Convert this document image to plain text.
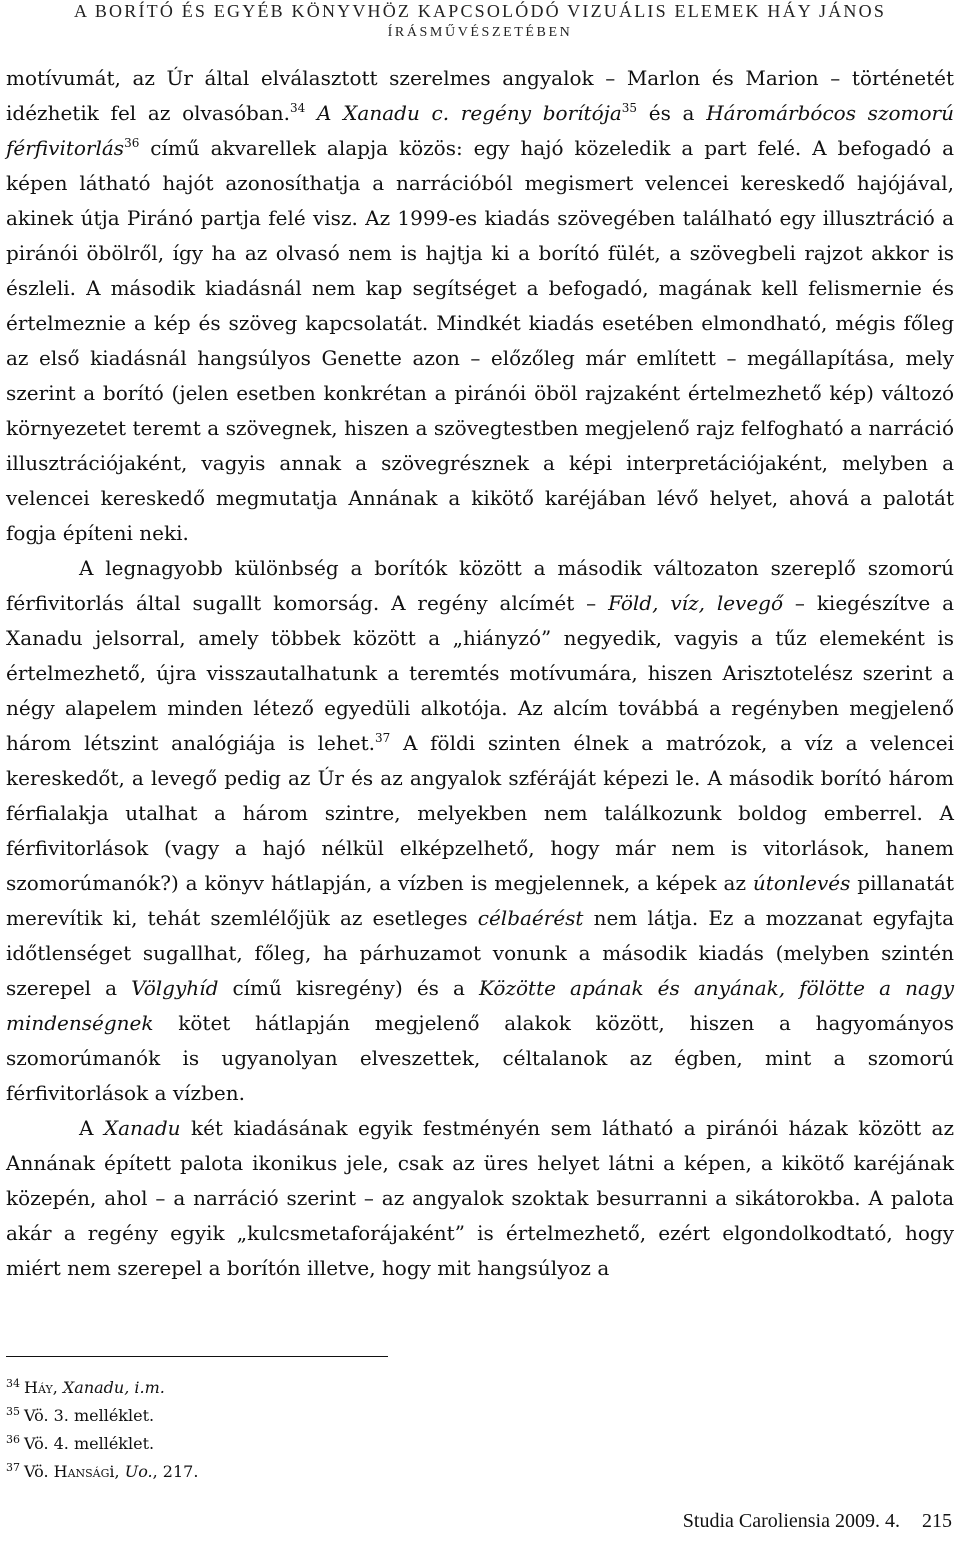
A BORÍTÓ ÉS EGYÉB KÖNYVHÖZ KAPCSOLÓDÓ VIZUÁLIS ELEMEK HÁY JÁNOS
ÍRÁSMŰVÉSZETÉBEN

motívumát, az Úr által elválasztott szerelmes angyalok – Marlon és Marion – történetét idézhetik fel az olvasóban.$^{34}$ A Xanadu c. regény borítója$^{35}$ és a Háromárbócos szomorú férfivitorlás$^{36}$ című akvarellek alapja közös: egy hajó közeledik a part felé. A befogadó a képen látható hajót azonosíthatja a narrációból megismert velencei kereskedő hajójával, akinek útja Piránó partja felé visz. Az 1999-es kiadás szövegében található egy illusztráció a piránói öbölről, így ha az olvasó nem is hajtja ki a borító fülét, a szövegbeli rajzot akkor is észleli. A második kiadásnál nem kap segítséget a befogadó, magának kell felismernie és értelmeznie a kép és szöveg kapcsolatát. Mindkét kiadás esetében elmondható, mégis főleg az első kiadásnál hangsúlyos Genette azon – előzőleg már említett – megállapítása, mely szerint a borító (jelen esetben konkrétan a piránói öböl rajzaként értelmezhető kép) változó környezetet teremt a szövegnek, hiszen a szövegtestben megjelenő rajz felfogható a narráció illusztrációjaként, vagyis annak a szövegrésznek a képi interpretációjaként, melyben a velencei kereskedő megmutatja Annának a kikötő karéjában lévő helyet, ahová a palotát fogja építeni neki.

A legnagyobb különbség a borítók között a második változaton szereplő szomorú férfivitorlás által sugallt komorság. A regény alcímét – Föld, víz, levegő – kiegészítve a Xanadu jelsorral, amely többek között a „hiányzó” negyedik, vagyis a tűz elemeként is értelmezhető, újra visszautalhatunk a teremtés motívumára, hiszen Arisztotelész szerint a négy alapelem minden létező egyedüli alkotója. Az alcím továbbá a regényben megjelenő három létszint analógiája is lehet.$^{37}$ A földi szinten élnek a matrózok, a víz a velencei kereskedőt, a levegő pedig az Úr és az angyalok szféráját képezi le. A második borító három férfialakja utalhat a három szintre, melyekben nem találkozunk boldog emberrel. A férfivitorlások (vagy a hajó nélkül elképzelhető, hogy már nem is vitorlások, hanem szomorúmanók?) a könyv hátlapján, a vízben is megjelennek, a képek az útonlevés pillanatát merevítik ki, tehát szemlélőjük az esetleges célbaérést nem látja. Ez a mozzanat egyfajta időtlenséget sugallhat, főleg, ha párhuzamot vonunk a második kiadás (melyben szintén szerepel a Völgyhíd című kisregény) és a Közötte apának és anyának, fölötte a nagy mindenségnek kötet hátlapján megjelenő alakok között, hiszen a hagyományos szomorúmanók is ugyanolyan elveszettek, céltalanok az égben, mint a szomorú férfivitorlások a vízben.

A Xanadu két kiadásának egyik festményén sem látható a piránói házak között az Annának épített palota ikonikus jele, csak az üres helyet látni a képen, a kikötő karéjának közepén, ahol – a narráció szerint – az angyalok szoktak besurranni a sikátorokba. A palota akár a regény egyik „kulcsmetaforájaként” is értelmezhető, ezért elgondolkodtató, hogy miért nem szerepel a borítón illetve, hogy mit hangsúlyoz a

$^{34}$ Háy, Xanadu, i.m.
$^{35}$ Vö. 3. melléklet.
$^{36}$ Vö. 4. melléklet.
$^{37}$ Vö. Hansági, Uo., 217.
Studia Caroliensia 2009. 4. 215
